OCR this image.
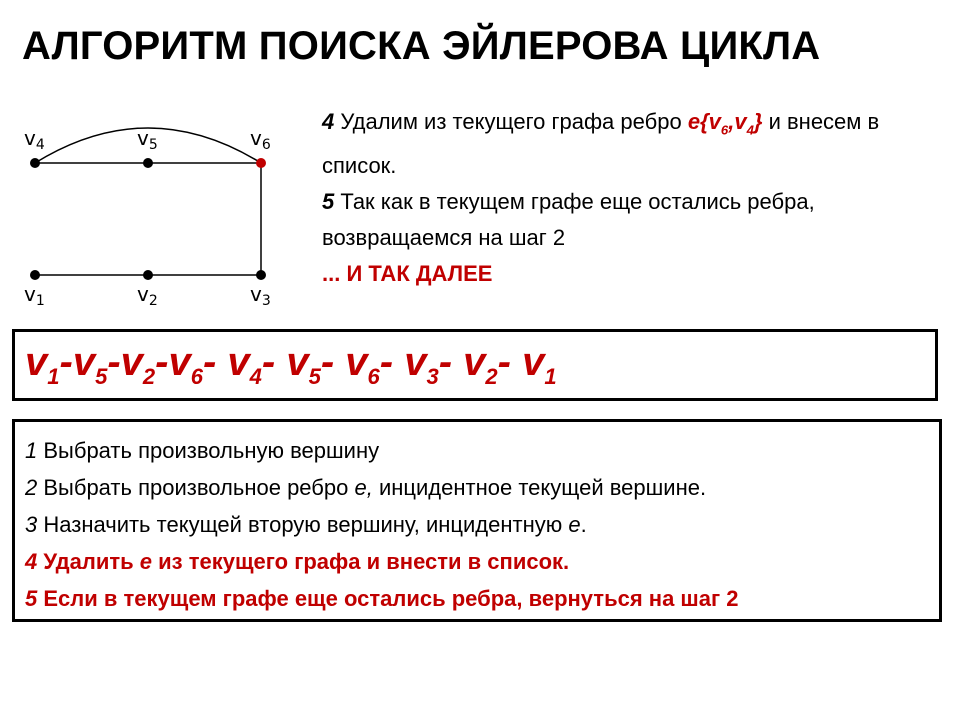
АЛГОРИТМ ПОИСКА ЭЙЛЕРОВА ЦИКЛА
$v_4$	$v_5$	$v_6$
$v_1$	$v_2$	$v_3$

4 Удалим из текущего графа ребро $e\{v_6,v_4\}$ и внесем в список.

5 Так как в текущем графе еще остались ребра, возвращаемся на шаг 2

... И ТАК ДАЛЕЕ

$v_1-v_5-v_2-v_6-$ $v_4-$ $v_5-$ $v_6-$ $v_3-$ $v_2-$ $v_1$

1 Выбрать произвольную вершину

2 Выбрать произвольное ребро e, инцидентное текущей вершине.

3 Назначить текущей вторую вершину, инцидентную е.

4 Удалить e из текущего графа и внести в список.

5 Если в текущем графе еще остались ребра, вернуться на шаг 2
